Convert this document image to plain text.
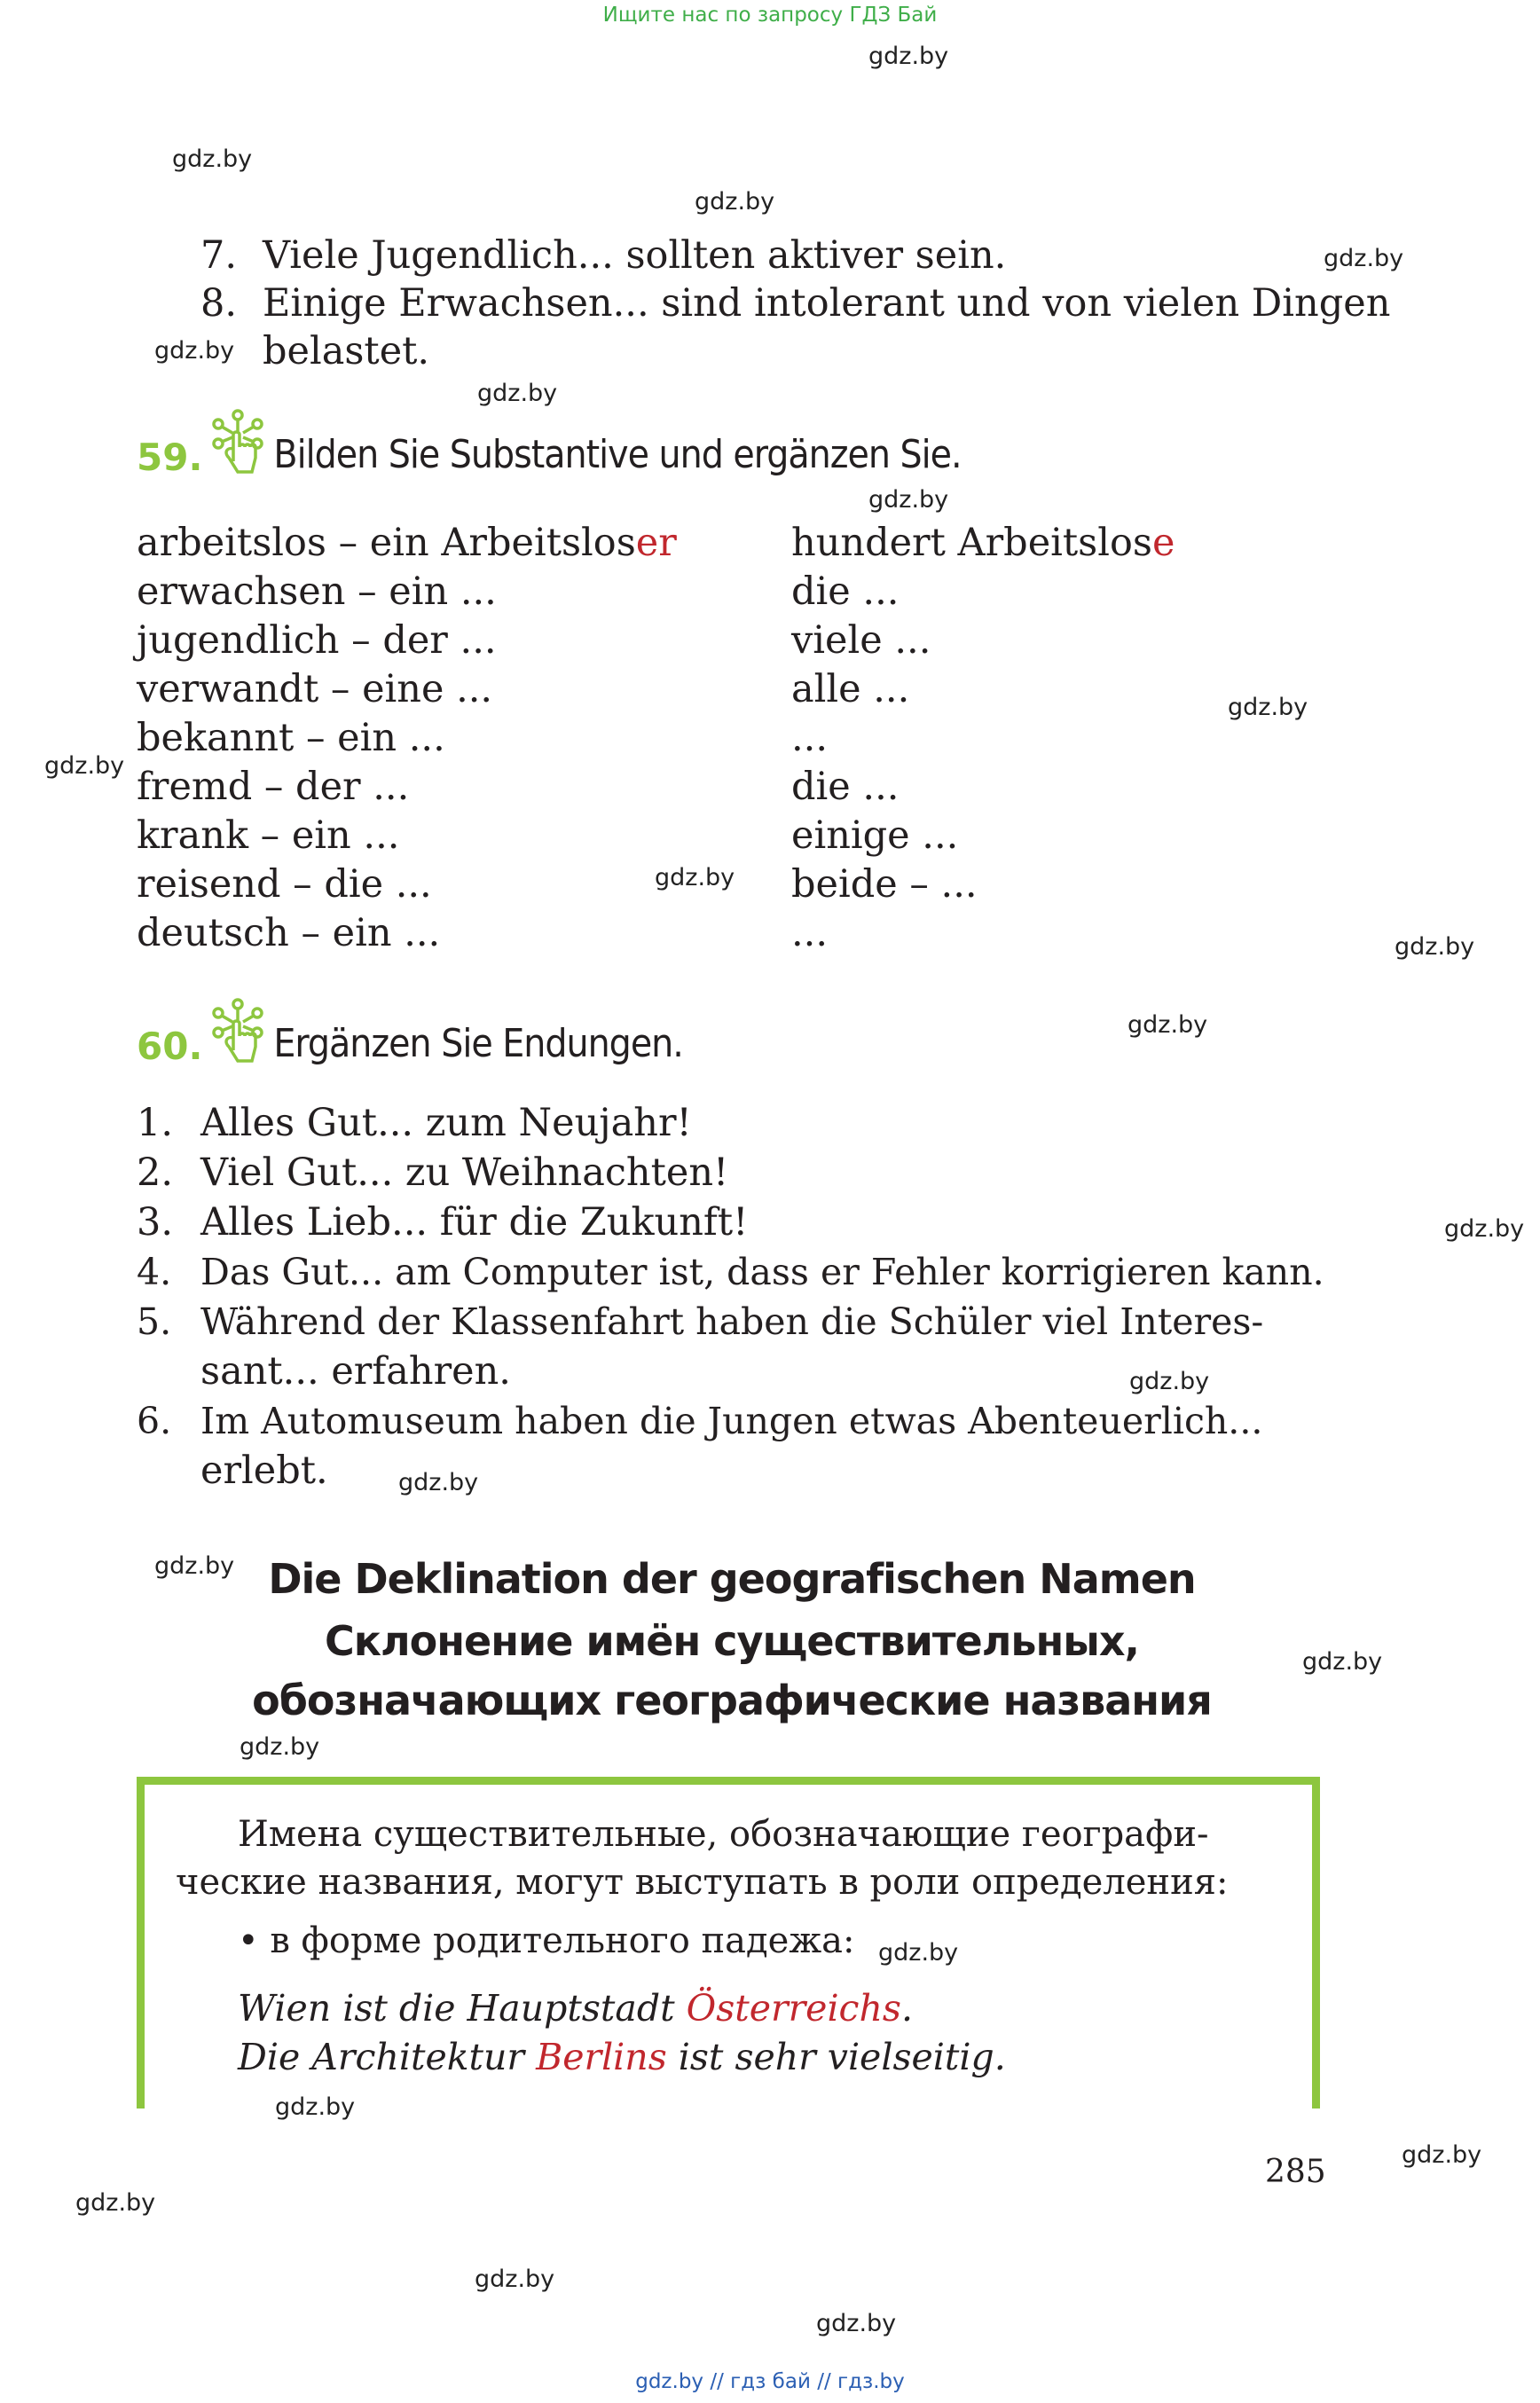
Ищите нас по запросу ГДЗ Бай
gdz.by
gdz.by
gdz.by
gdz.by
gdz.by
gdz.by
gdz.by
gdz.by
gdz.by
gdz.by
gdz.by
gdz.by
gdz.by
gdz.by
gdz.by
gdz.by
gdz.by
gdz.by
gdz.by
gdz.by
gdz.by
gdz.by
gdz.by
gdz.by
7. Viele Jugendlich... sollten aktiver sein.
8. Einige Erwachsen... sind intolerant und von vielen Dingen
belastet.
59. Bilden Sie Substantive und ergänzen Sie.
arbeitslos – ein Arbeitsloser
erwachsen – ein ...
jugendlich – der ...
verwandt – eine ...
bekannt – ein ...
fremd – der ...
krank – ein ...
reisend – die ...
deutsch – ein ...
hundert Arbeitslose
die ...
viele ...
alle ...
...
die ...
einige ...
beide – ...
...
60. Ergänzen Sie Endungen.
1. Alles Gut... zum Neujahr!
2. Viel Gut... zu Weihnachten!
3. Alles Lieb... für die Zukunft!
4. Das Gut... am Computer ist, dass er Fehler korrigieren kann.
5. Während der Klassenfahrt haben die Schüler viel Interes-
sant... erfahren.
6. Im Automuseum haben die Jungen etwas Abenteuerlich...
erlebt.
Die Deklination der geografischen Namen
Склонение имён существительных,
обозначающих географические названия
Имена существительные, обозначающие географи-
ческие названия, могут выступать в роли определения:
• в форме родительного падежа:
Wien ist die Hauptstadt Österreichs.
Die Architektur Berlins ist sehr vielseitig.
285
gdz.by // гдз бай // гдз.by
